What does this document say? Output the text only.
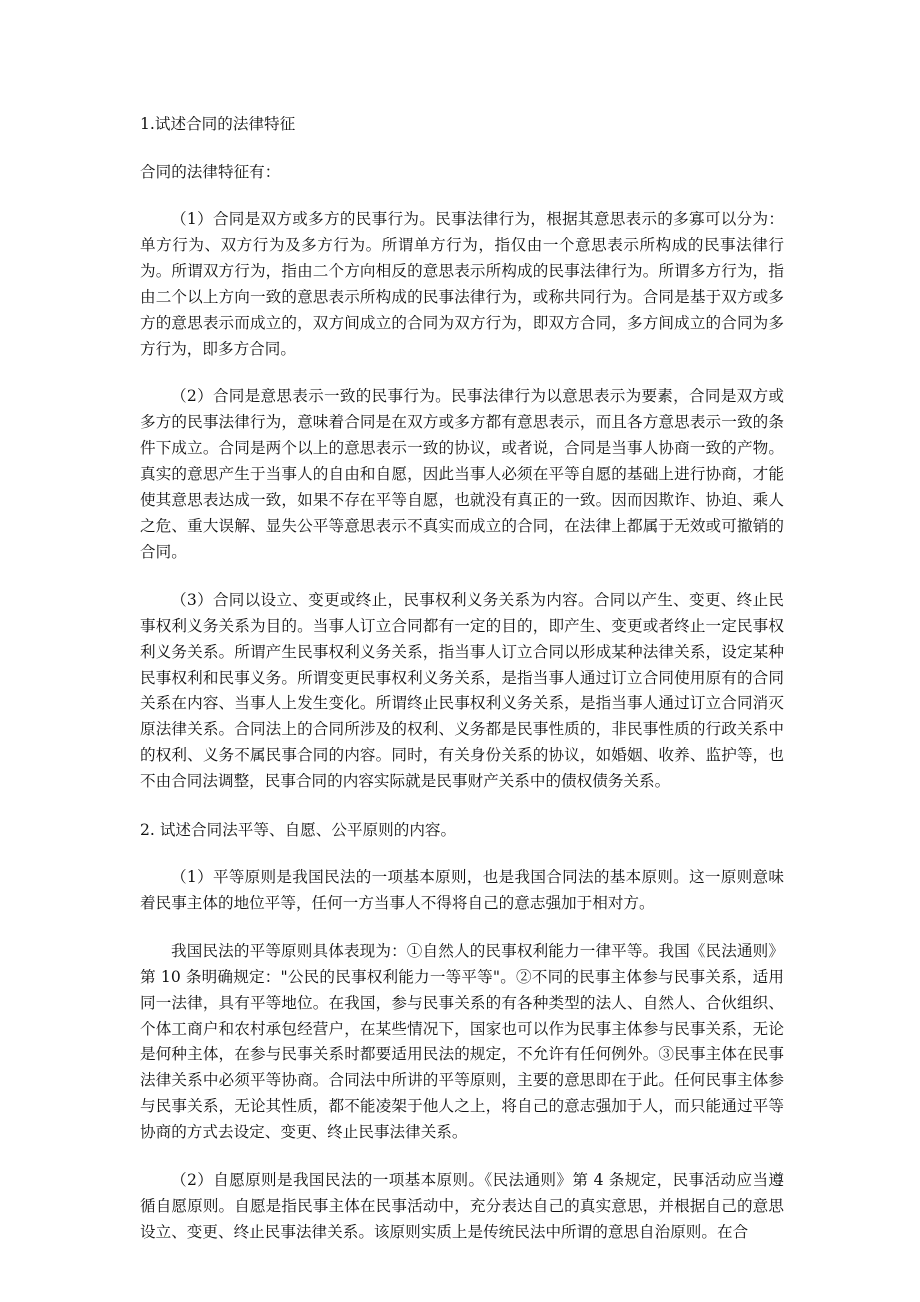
1.试述合同的法律特征

合同的法律特征有：

（1）合同是双方或多方的民事行为。民事法律行为，根据其意思表示的多寡可以分为：单方行为、双方行为及多方行为。所谓单方行为，指仅由一个意思表示所构成的民事法律行为。所谓双方行为，指由二个方向相反的意思表示所构成的民事法律行为。所谓多方行为，指由二个以上方向一致的意思表示所构成的民事法律行为，或称共同行为。合同是基于双方或多方的意思表示而成立的，双方间成立的合同为双方行为，即双方合同，多方间成立的合同为多方行为，即多方合同。

（2）合同是意思表示一致的民事行为。民事法律行为以意思表示为要素，合同是双方或多方的民事法律行为，意味着合同是在双方或多方都有意思表示，而且各方意思表示一致的条件下成立。合同是两个以上的意思表示一致的协议，或者说，合同是当事人协商一致的产物。真实的意思产生于当事人的自由和自愿，因此当事人必须在平等自愿的基础上进行协商，才能使其意思表达成一致，如果不存在平等自愿，也就没有真正的一致。因而因欺诈、协迫、乘人之危、重大误解、显失公平等意思表示不真实而成立的合同，在法律上都属于无效或可撤销的合同。

（3）合同以设立、变更或终止，民事权利义务关系为内容。合同以产生、变更、终止民事权利义务关系为目的。当事人订立合同都有一定的目的，即产生、变更或者终止一定民事权利义务关系。所谓产生民事权利义务关系，指当事人订立合同以形成某种法律关系，设定某种民事权利和民事义务。所谓变更民事权利义务关系，是指当事人通过订立合同使用原有的合同关系在内容、当事人上发生变化。所谓终止民事权利义务关系，是指当事人通过订立合同消灭原法律关系。合同法上的合同所涉及的权利、义务都是民事性质的，非民事性质的行政关系中的权利、义务不属民事合同的内容。同时，有关身份关系的协议，如婚姻、收养、监护等，也不由合同法调整，民事合同的内容实际就是民事财产关系中的债权债务关系。

2. 试述合同法平等、自愿、公平原则的内容。

（1）平等原则是我国民法的一项基本原则，也是我国合同法的基本原则。这一原则意味着民事主体的地位平等，任何一方当事人不得将自己的意志强加于相对方。

我国民法的平等原则具体表现为：①自然人的民事权利能力一律平等。我国《民法通则》第 10 条明确规定："公民的民事权利能力一等平等"。②不同的民事主体参与民事关系，适用同一法律，具有平等地位。在我国，参与民事关系的有各种类型的法人、自然人、合伙组织、个体工商户和农村承包经营户，在某些情况下，国家也可以作为民事主体参与民事关系，无论是何种主体，在参与民事关系时都要适用民法的规定，不允许有任何例外。③民事主体在民事法律关系中必须平等协商。合同法中所讲的平等原则，主要的意思即在于此。任何民事主体参与民事关系，无论其性质，都不能凌架于他人之上，将自己的意志强加于人，而只能通过平等协商的方式去设定、变更、终止民事法律关系。

（2）自愿原则是我国民法的一项基本原则。《民法通则》第 4 条规定，民事活动应当遵循自愿原则。自愿是指民事主体在民事活动中，充分表达自己的真实意思，并根据自己的意思设立、变更、终止民事法律关系。该原则实质上是传统民法中所谓的意思自治原则。在合
